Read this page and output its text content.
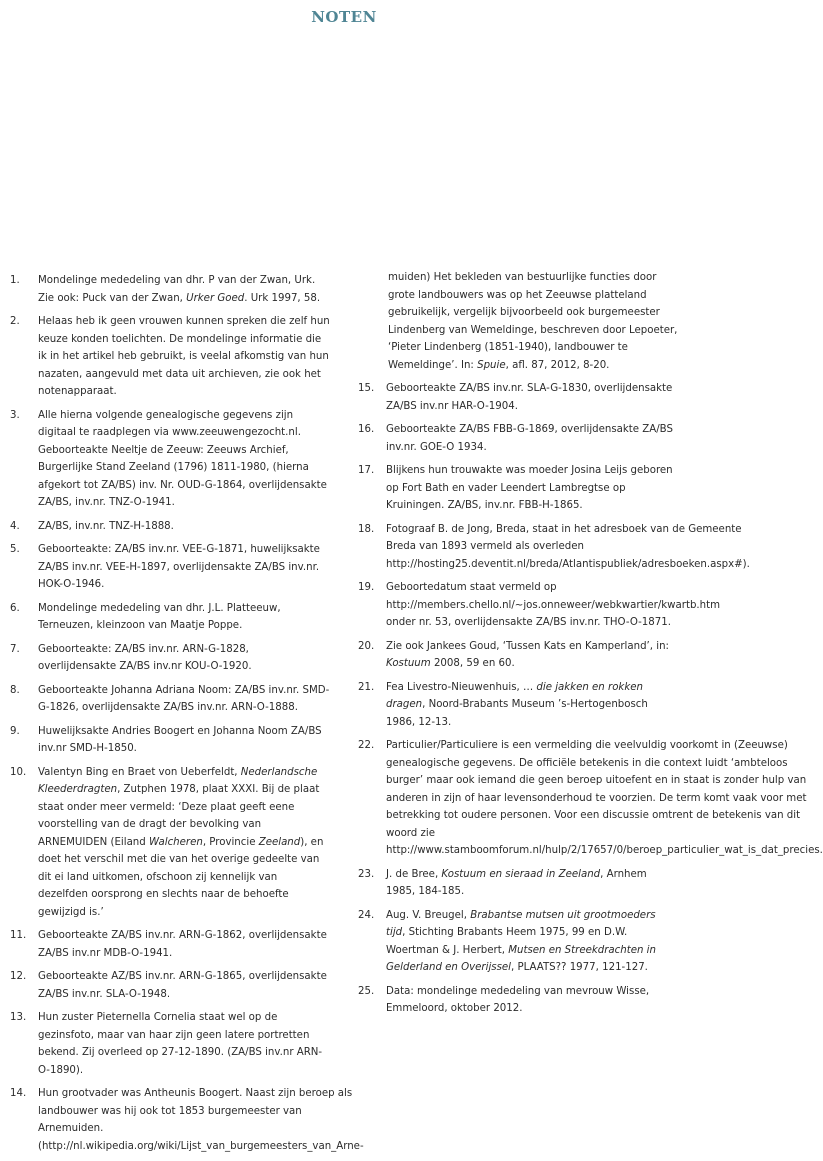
NOTEN
1.	Mondelinge mededeling van dhr. P van der Zwan, Urk. Zie ook: Puck van der Zwan, Urker Goed. Urk 1997, 58.
2.	Helaas heb ik geen vrouwen kunnen spreken die zelf hun keuze konden toelichten. De mondelinge informatie die ik in het artikel heb gebruikt, is veelal afkomstig van hun nazaten, aangevuld met data uit archieven, zie ook het notenapparaat.
3.	Alle hierna volgende genealogische gegevens zijn digitaal te raadplegen via www.zeeuwengezocht.nl. Geboorteakte Neeltje de Zeeuw: Zeeuws Archief, Burgerlijke Stand Zeeland (1796) 1811-1980, (hierna afgekort tot ZA/BS) inv. Nr. OUD-G-1864, overlijdensakte ZA/BS, inv.nr. TNZ-O-1941.
4.	ZA/BS, inv.nr. TNZ-H-1888.
5.	Geboorteakte: ZA/BS inv.nr. VEE-G-1871, huwelijksakte ZA/BS inv.nr. VEE-H-1897, overlijdensakte ZA/BS inv.nr. HOK-O-1946.
6.	Mondelinge mededeling van dhr. J.L. Platteeuw, Terneuzen, kleinzoon van Maatje Poppe.
7.	Geboorteakte: ZA/BS inv.nr. ARN-G-1828, overlijdensakte ZA/BS inv.nr KOU-O-1920.
8.	Geboorteakte Johanna Adriana Noom: ZA/BS inv.nr. SMD-G-1826, overlijdensakte ZA/BS inv.nr. ARN-O-1888.
9.	Huwelijksakte Andries Boogert en Johanna Noom ZA/BS inv.nr SMD-H-1850.
10.	Valentyn Bing en Braet von Ueberfeldt, Nederlandsche Kleederdragten, Zutphen 1978, plaat XXXI. Bij de plaat staat onder meer vermeld: ‘Deze plaat geeft eene voorstelling van de dragt der bevolking van ARNEMUIDEN (Eiland Walcheren, Provincie Zeeland), en doet het verschil met die van het overige gedeelte van dit ei land uitkomen, ofschoon zij kennelijk van dezelfden oorsprong en slechts naar de behoefte gewijzigd is.’
11.	Geboorteakte ZA/BS inv.nr. ARN-G-1862, overlijdensakte ZA/BS inv.nr MDB-O-1941.
12.	Geboorteakte AZ/BS inv.nr. ARN-G-1865, overlijdensakte ZA/BS inv.nr. SLA-O-1948.
13.	Hun zuster Pieternella Cornelia staat wel op de gezinsfoto, maar van haar zijn geen latere portretten bekend. Zij overleed op 27-12-1890. (ZA/BS inv.nr ARN-O-1890).
14.	Hun grootvader was Antheunis Boogert. Naast zijn beroep als landbouwer was hij ook tot 1853 burgemeester van Arnemuiden. (http://nl.wikipedia.org/wiki/Lijst_van_burgemeesters_van_Arne-
muiden) Het bekleden van bestuurlijke functies door grote landbouwers was op het Zeeuwse platteland gebruikelijk, vergelijk bijvoorbeeld ook burgemeester Lindenberg van Wemeldinge, beschreven door Lepoeter, ‘Pieter Lindenberg (1851-1940), landbouwer te Wemeldinge’. In: Spuie, afl. 87, 2012, 8-20.
15.	Geboorteakte ZA/BS inv.nr. SLA-G-1830, overlijdensakte ZA/BS inv.nr HAR-O-1904.
16.	Geboorteakte ZA/BS FBB-G-1869, overlijdensakte ZA/BS inv.nr. GOE-O 1934.
17.	Blijkens hun trouwakte was moeder Josina Leijs geboren op Fort Bath en vader Leendert Lambregtse op Kruiningen. ZA/BS, inv.nr. FBB-H-1865.
18.	Fotograaf B. de Jong, Breda, staat in het adresboek van de Gemeente Breda van 1893 vermeld als overleden http://hosting25.deventit.nl/breda/Atlantispubliek/adresboeken.aspx#).
19.	Geboortedatum staat vermeld op http://members.chello.nl/~jos.onneweer/webkwartier/kwartb.htm onder nr. 53, overlijdensakte ZA/BS inv.nr. THO-O-1871.
20.	Zie ook Jankees Goud, ‘Tussen Kats en Kamperland’, in: Kostuum 2008, 59 en 60.
21.	Fea Livestro-Nieuwenhuis, … die jakken en rokken dragen, Noord-Brabants Museum ’s-Hertogenbosch 1986, 12-13.
22.	Particulier/Particuliere is een vermelding die veelvuldig voorkomt in (Zeeuwse) genealogische gegevens. De officiële betekenis in die context luidt ‘ambteloos burger’ maar ook iemand die geen beroep uitoefent en in staat is zonder hulp van anderen in zijn of haar levensonderhoud te voorzien. De term komt vaak voor met betrekking tot oudere personen. Voor een discussie omtrent de betekenis van dit woord zie http://www.stamboomforum.nl/hulp/2/17657/0/beroep_particulier_wat_is_dat_precies.
23.	J. de Bree, Kostuum en sieraad in Zeeland, Arnhem 1985, 184-185.
24.	Aug. V. Breugel, Brabantse mutsen uit grootmoeders tijd, Stichting Brabants Heem 1975, 99 en D.W. Woertman & J. Herbert, Mutsen en Streekdrachten in Gelderland en Overijssel, PLAATS?? 1977, 121-127.
25.	Data: mondelinge mededeling van mevrouw Wisse, Emmeloord, oktober 2012.
